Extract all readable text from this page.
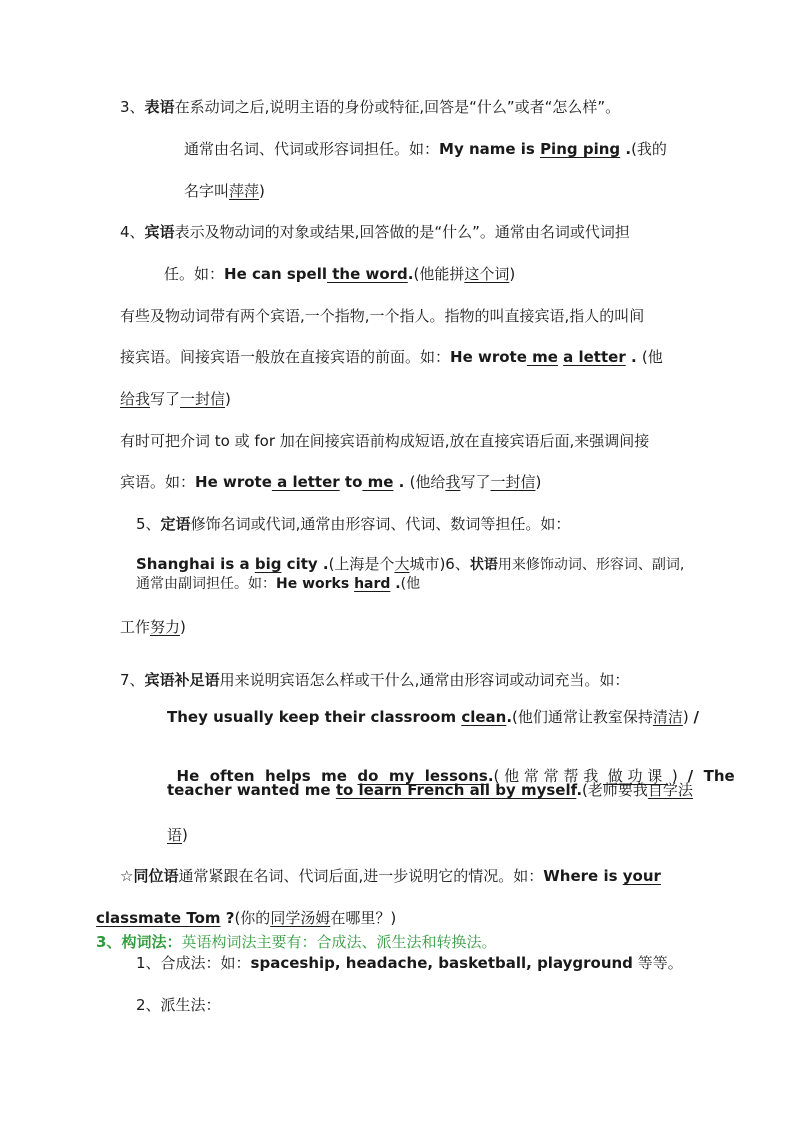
3、表语在系动词之后,说明主语的身份或特征,回答是“什么”或者“怎么样”。
通常由名词、代词或形容词担任。如：My name is Ping ping .(我的
名字叫萍萍)
4、宾语表示及物动词的对象或结果,回答做的是“什么”。通常由名词或代词担
任。如：He can spell the word.(他能拼这个词)
有些及物动词带有两个宾语,一个指物,一个指人。指物的叫直接宾语,指人的叫间
接宾语。间接宾语一般放在直接宾语的前面。如：He wrote me a letter . (他
给我写了一封信)
有时可把介词 to 或 for 加在间接宾语前构成短语,放在直接宾语后面,来强调间接
宾语。如：He wrote a letter to me . (他给我写了一封信)
5、定语修饰名词或代词,通常由形容词、代词、数词等担任。如：
Shanghai is a big city .(上海是个大城市)6、状语用来修饰动词、形容词、副词,
通常由副词担任。如：He works hard .(他
工作努力)
7、宾语补足语用来说明宾语怎么样或干什么,通常由形容词或动词充当。如：
They usually keep their classroom clean.(他们通常让教室保持清洁) /

He  often  helps  me  do  my  lessons.( 他 常 常 帮 我  做 功 课  )  /  The

teacher wanted me to learn French all by myself.(老师要我自学法
语)
☆同位语通常紧跟在名词、代词后面,进一步说明它的情况。如：Where is your
classmate Tom ?(你的同学汤姆在哪里？)
3、构词法：英语构词法主要有：合成法、派生法和转换法。
1、合成法：如：spaceship, headache, basketball, playground 等等。
2、派生法：
